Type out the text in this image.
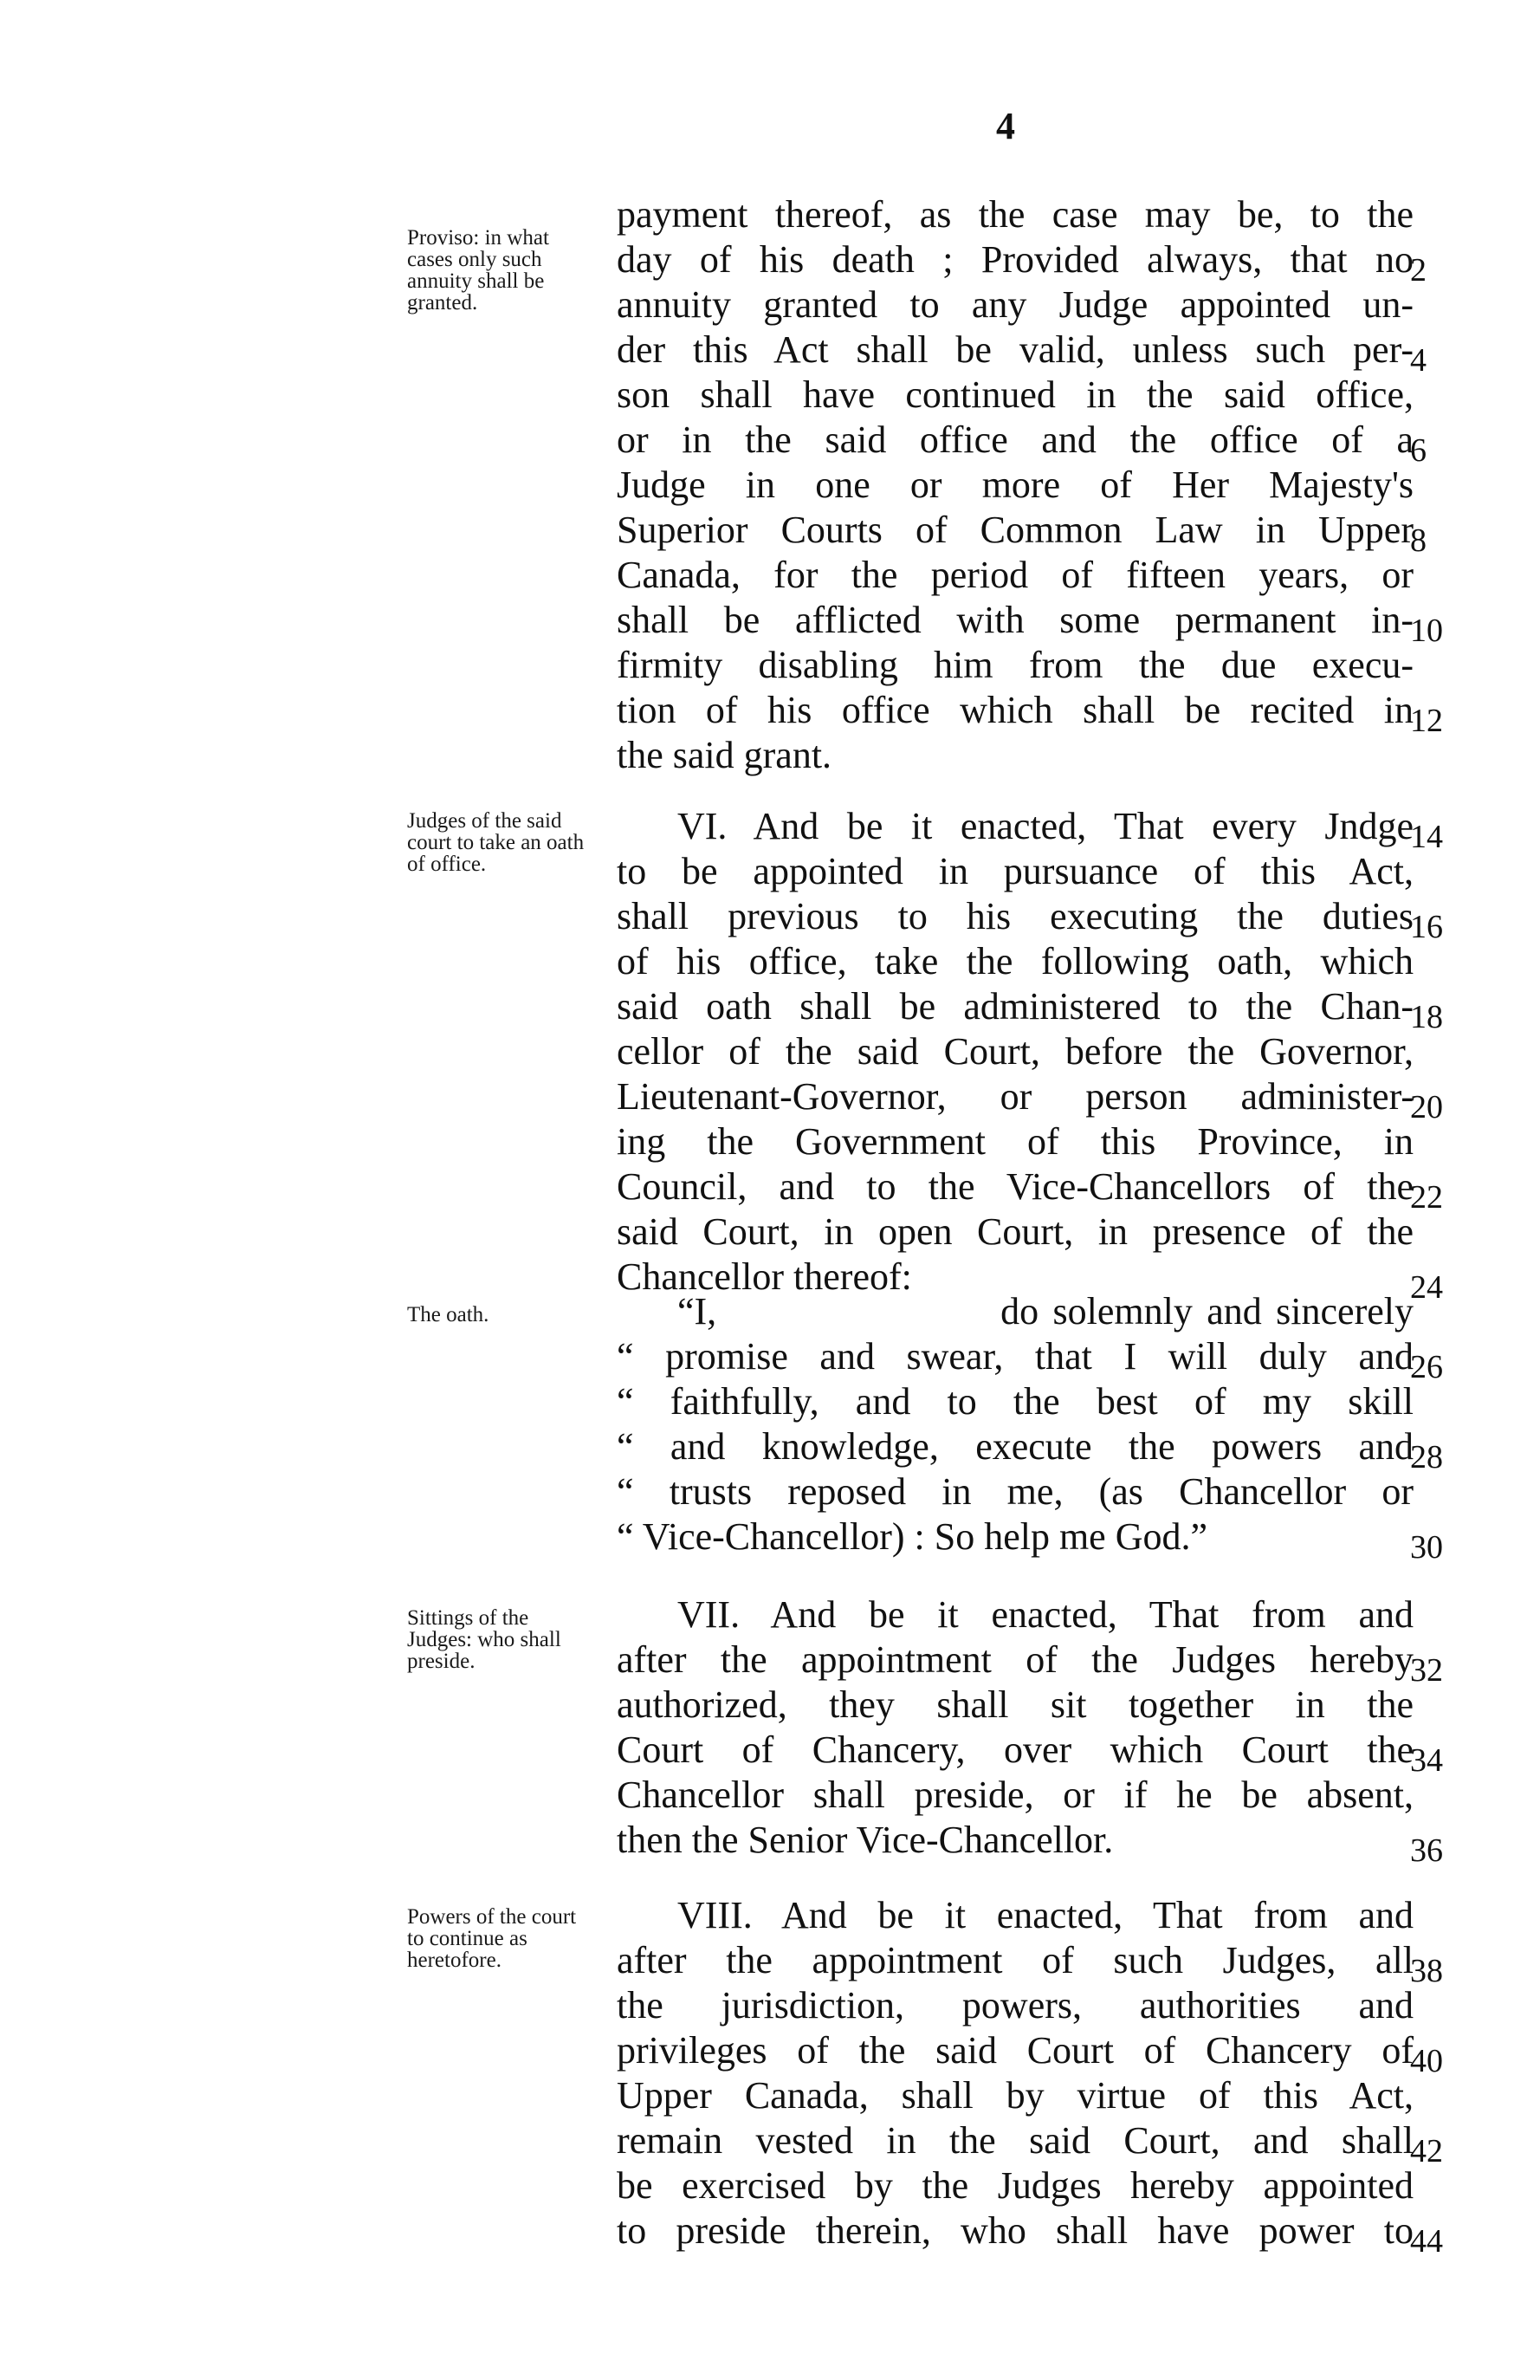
4
Proviso: in what cases only such annuity shall be granted.
payment thereof, as the case may be, to the
day of his death ; Provided always, that no
2
annuity granted to any Judge appointed un-
der this Act shall be valid, unless such per-
4
son shall have continued in the said office,
or in the said office and the office of a
6
Judge in one or more of Her Majesty's
Superior Courts of Common Law in Upper
8
Canada, for the period of fifteen years, or
shall be afflicted with some permanent in-
10
firmity disabling him from the due execu-
tion of his office which shall be recited in
12
the said grant.
Judges of the said court to take an oath of office.
VI. And be it enacted, That every Jndge
14
to be appointed in pursuance of this Act,
shall previous to his executing the duties
16
of his office, take the following oath, which
said oath shall be administered to the Chan-
18
cellor of the said Court, before the Governor,
Lieutenant-Governor, or person administer-
20
ing the Government of this Province, in
Council, and to the Vice-Chancellors of the
22
said Court, in open Court, in presence of the
Chancellor thereof:	24
The oath.	“I,                    do solemnly and sincerely
“ promise and swear, that I will duly and
26
“ faithfully, and to the best of my skill
“ and knowledge, execute the powers and
28
“ trusts reposed in me, (as Chancellor or
“ Vice-Chancellor) : So help me God.”	30
Sittings of the Judges: who shall preside.
VII. And be it enacted, That from and
after the appointment of the Judges hereby
32
authorized, they shall sit together in the
Court of Chancery, over which Court the
34
Chancellor shall preside, or if he be absent,
then the Senior Vice-Chancellor.	36
Powers of the court to continue as heretofore.
VIII. And be it enacted, That from and
after the appointment of such Judges, all
38
the jurisdiction, powers, authorities and
privileges of the said Court of Chancery of
40
Upper Canada, shall by virtue of this Act,
remain vested in the said Court, and shall
42
be exercised by the Judges hereby appointed
to preside therein, who shall have power to
44
